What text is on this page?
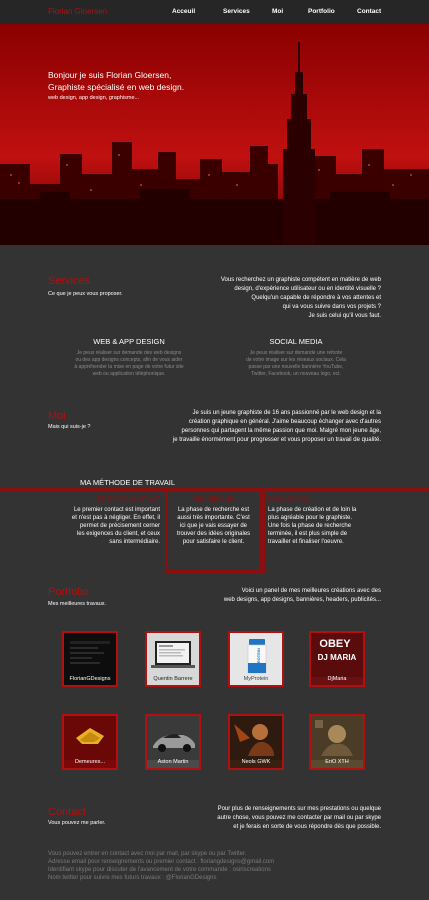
Florian Gloersen	Acceuil	Services	Moi	Portfolio	Contact
Bonjour je suis Florian Gloersen,
Graphiste spécialisé en web design.
web design, app design, graphisme...
Services
Ce que je peux vous proposer.
Vous recherchez un graphiste compétent en matière de web
design, d'expérience utilisateur ou en identité visuelle ?
Quelqu'un capable de répondre à vos attentes et
qui va vous suivre dans vos projets ?
Je suis celui qu'il vous faut.
WEB & APP DESIGN
Je peux réaliser sur demande des web designs
ou des app designs concepts, afin de vous aider
à appréhender la mise en page de votre futur site
web ou application téléphonique.
SOCIAL MEDIA
Je peux réaliser sur demande une refonte
de votre image sur les réseaux sociaux. Cela
passe par une nouvelle bannière YouTube,
Twitter, Facebook, un nouveau logo, ect.
Moi
Mais qui suis-je ?
Je suis un jeune graphiste de 16 ans passionné par le web design et la
création graphique en général. J'aime beaucoup échanger avec d'autres
personnes qui partagent la même passion que moi. Malgré mon jeune âge,
je travaille énormément pour progresser et vous proposer un travail de qualité.
MA MÉTHODE DE TRAVAIL
PREMIER CONTACT
Le premier contact est important
et n'est pas à négliger. En effet, il
permet de précisement cerner
les exigences du client, et ceux
sans intermédiaire.
RECHERCHE
La phase de recherche est
aussi très importante. C'est
ici que je vais essayer de
trouver des idées originales
pour satisfaire le client.
RÉALISATION
La phase de création et de loin la
plus agréable pour le graphiste.
Une fois la phase de recherche
terminée, il est plus simple de
travailler et finaliser l'oeuvre.
Portfolio
Mes meilleures travaux.
Voici un panel de mes meilleures créations avec des
web designs, app designs, bannières, headers, publicités...
FlorianGDesigns	Quentin Barrere
PROTEIN
MyProtein
OBEY
DJ MARIA
DjMaria
Demeures...	Aston Martin	Neols GWK	EriO XTH
Contact
Vous pouvez me parler.
Pour plus de renseignements sur mes prestations ou quelque
autre chose, vous pouvez me contacter par mail ou par skype
et je ferais en sorte de vous répondre dès que possible.
Vous pouvez entrer en contact avec moi par mail, par skype ou par Twitter.
Adresse email pour renseignements ou premier contact : floriangdesigns@gmail.com
Identifiant skype pour discuter de l'avancement de votre commande : osiriscreations
Nom twitter pour suivre mes futurs travaux : @FlorianGDesigns
